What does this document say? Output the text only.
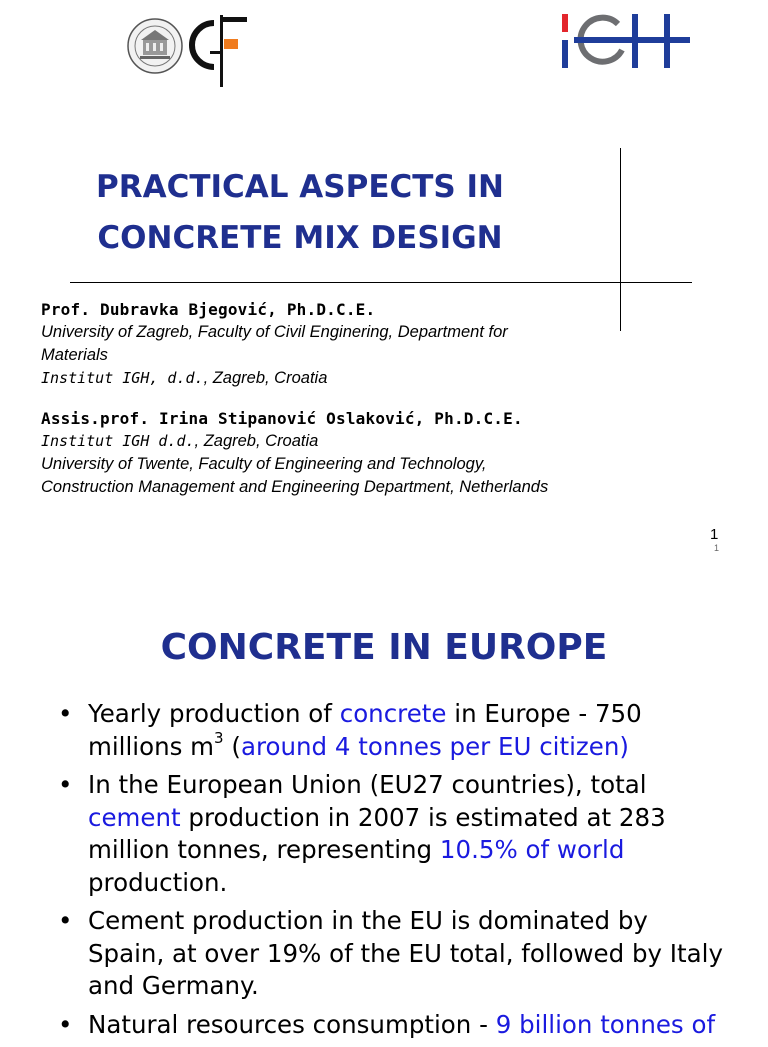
PRACTICAL ASPECTS IN
CONCRETE MIX DESIGN
Prof. Dubravka Bjegović, Ph.D.C.E.
University of Zagreb, Faculty of Civil Enginering, Department for
Materials
Institut IGH, d.d., Zagreb, Croatia
Assis.prof. Irina Stipanović Oslaković, Ph.D.C.E.
Institut IGH d.d., Zagreb, Croatia
University of Twente, Faculty of Engineering and Technology,
Construction Management and Engineering Department, Netherlands
1
1
CONCRETE IN EUROPE
• Yearly production of concrete in Europe - 750 millions $m^3$ (around 4 tonnes per EU citizen)
• In the European Union (EU27 countries), total cement production in 2007 is estimated at 283 million tonnes, representing 10.5% of world production.
• Cement production in the EU is dominated by Spain, at over 19% of the EU total, followed by Italy and Germany.
• Natural resources consumption - 9 billion tonnes of
